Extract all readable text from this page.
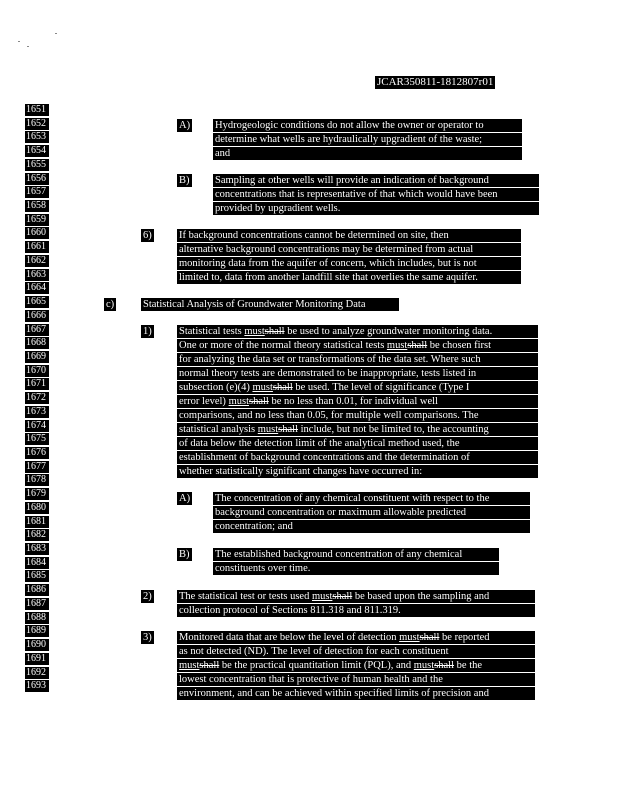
JCAR350811-1812807r01
1651
1652
1653
1654
1655
1656
1657
1658
1659
1660
1661
1662
1663
1664
1665
1666
1667
1668
1669
1670
1671
1672
1673
1674
1675
1676
1677
1678
1679
1680
1681
1682
1683
1684
1685
1686
1687
1688
1689
1690
1691
1692
1693
A) Hydrogeologic conditions do not allow the owner or operator to
determine what wells are hydraulically upgradient of the waste;
and
B) Sampling at other wells will provide an indication of background
concentrations that is representative of that which would have been
provided by upgradient wells.
6)	If background concentrations cannot be determined on site, then
alternative background concentrations may be determined from actual
monitoring data from the aquifer of concern, which includes, but is not
limited to, data from another landfill site that overlies the same aquifer.
c)	Statistical Analysis of Groundwater Monitoring Data
1)	Statistical tests mustshall be used to analyze groundwater monitoring data.
One or more of the normal theory statistical tests mustshall be chosen first
for analyzing the data set or transformations of the data set. Where such
normal theory tests are demonstrated to be inappropriate, tests listed in
subsection (e)(4) mustshall be used. The level of significance (Type I
error level) mustshall be no less than 0.01, for individual well
comparisons, and no less than 0.05, for multiple well comparisons. The
statistical analysis mustshall include, but not be limited to, the accounting
of data below the detection limit of the analytical method used, the
establishment of background concentrations and the determination of
whether statistically significant changes have occurred in:
A) The concentration of any chemical constituent with respect to the
background concentration or maximum allowable predicted
concentration; and
B) The established background concentration of any chemical
constituents over time.
2)	The statistical test or tests used mustshall be based upon the sampling and
collection protocol of Sections 811.318 and 811.319.
3)	Monitored data that are below the level of detection mustshall be reported
as not detected (ND). The level of detection for each constituent
mustshall be the practical quantitation limit (PQL), and mustshall be the
lowest concentration that is protective of human health and the
environment, and can be achieved within specified limits of precision and
